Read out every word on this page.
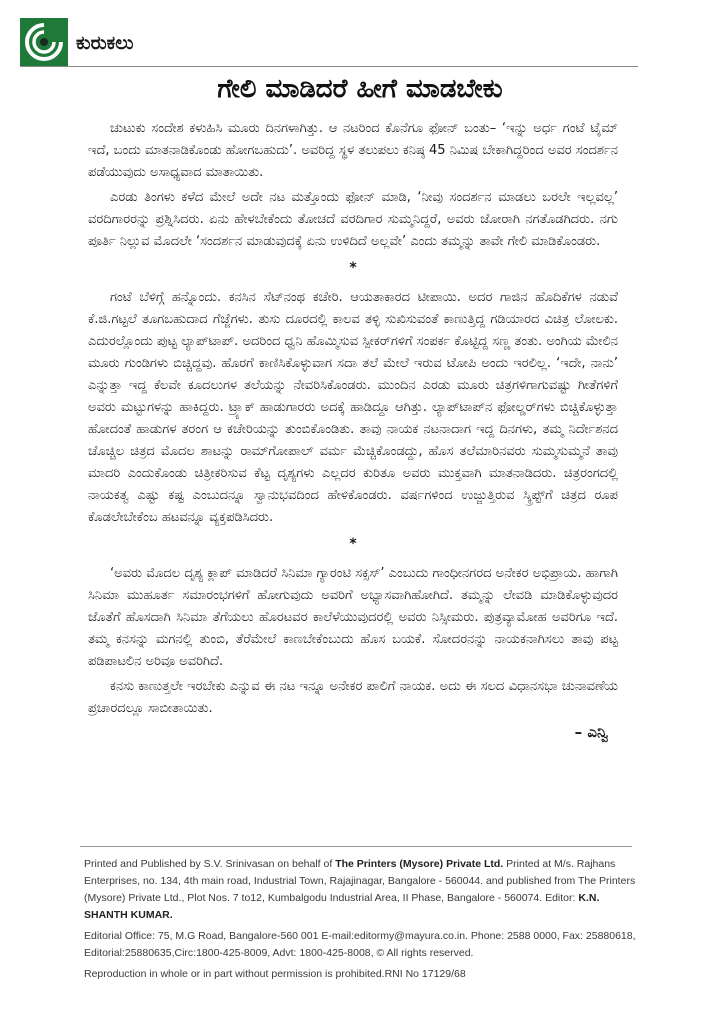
ಕುರುಕಲು
ಗೇಲಿ ಮಾಡಿದರೆ ಹೀಗೆ ಮಾಡಬೇಕು

ಚುಟುಕು ಸಂದೇಶ ಕಳುಹಿಸಿ ಮೂರು ದಿನಗಳಾಗಿತ್ತು. ಆ ನಟರಿಂದ ಕೊನೆಗೂ ಫೋನ್ ಬಂತು– ‘ಇನ್ನು ಅರ್ಧ ಗಂಟೆ ಟೈಮ್ ಇದೆ, ಬಂದು ಮಾತನಾಡಿಕೊಂಡು ಹೋಗಬಹುದು’. ಅವರಿದ್ದ ಸ್ಥಳ ತಲುಪಲು ಕನಿಷ್ಠ 45 ನಿಮಿಷ ಬೇಕಾಗಿದ್ದರಿಂದ ಅವರ ಸಂದರ್ಶನ ಪಡೆಯುವುದು ಅಸಾಧ್ಯವಾದ ಮಾತಾಯಿತು.

ಎರಡು ತಿಂಗಳು ಕಳೆದ ಮೇಲೆ ಅದೇ ನಟ ಮತ್ತೊಂದು ಫೋನ್ ಮಾಡಿ, ‘ನೀವು ಸಂದರ್ಶನ ಮಾಡಲು ಬರಲೇ ಇಲ್ಲವಲ್ಲ’ ವರದಿಗಾರರನ್ನು ಪ್ರಶ್ನಿಸಿದರು. ಏನು ಹೇಳಬೇಕೆಂದು ತೋಚದೆ ವರದಿಗಾರ ಸುಮ್ಮನಿದ್ದರೆ, ಅವರು ಜೋರಾಗಿ ನಗತೊಡಗಿದರು. ನಗು ಪೂರ್ತಿ ನಿಲ್ಲುವ ಮೊದಲೇ ‘ಸಂದರ್ಶನ ಮಾಡುವುದಕ್ಕೆ ಏನು ಉಳಿದಿದೆ ಅಲ್ಲವೇ’ ಎಂದು ತಮ್ಮನ್ನು ತಾವೇ ಗೇಲಿ ಮಾಡಿಕೊಂಡರು.

*

ಗಂಟೆ ಬೆಳಿಗ್ಗೆ ಹನ್ನೊಂದು. ಕನಸಿನ ಸೆಟ್‌ನಂಥ ಕಚೇರಿ. ಆಯತಾಕಾರದ ಟೀಪಾಯಿ. ಅದರ ಗಾಜಿನ ಹೊದಿಕೆಗಳ ನಡುವೆ ಕೆ.ಜಿ.ಗಟ್ಟಲೆ ತೂಗಬಹುದಾದ ಗೆಜ್ಜೆಗಳು. ತುಸು ದೂರದಲ್ಲಿ ಕಾಲವ ತಳ್ಳಿ ಸುಖಿಸುವಂತೆ ಕಾಣುತ್ತಿದ್ದ ಗಡಿಯಾರದ ವಿಚಿತ್ರ ಲೋಲಕು. ಎದುರಲ್ಲೊಂದು ಪುಟ್ಟ ಲ್ಯಾಪ್‌ಟಾಪ್. ಅದರಿಂದ ಧ್ವನಿ ಹೊಮ್ಮಿಸುವ ಸ್ಪೀಕರ್‌ಗಳಿಗೆ ಸಂಪರ್ಕ ಕೊಟ್ಟಿದ್ದ ಸಣ್ಣ ತಂತು. ಅಂಗಿಯ ಮೇಲಿನ ಮೂರು ಗುಂಡಿಗಳು ಬಿಚ್ಚಿದ್ದವು. ಹೊರಗೆ ಕಾಣಿಸಿಕೊಳ್ಳುವಾಗ ಸದಾ ತಲೆ ಮೇಲೆ ಇರುವ ಟೋಪಿ ಅಂದು ಇರಲಿಲ್ಲ. ‘ಇದೇ, ನಾನು’ ಎನ್ನುತ್ತಾ ಇದ್ದ ಕೆಲವೇ ಕೂದಲುಗಳ ತಲೆಯನ್ನು ನೇವರಿಸಿಕೊಂಡರು. ಮುಂದಿನ ಎರಡು ಮೂರು ಚಿತ್ರಗಳಿಗಾಗುವಷ್ಟು ಗೀತೆಗಳಿಗೆ ಅವರು ಮಟ್ಟುಗಳನ್ನು ಹಾಕಿದ್ದರು. ಟ್ರ್ಯಾಕ್ ಹಾಡುಗಾರರು ಅದಕ್ಕೆ ಹಾಡಿದ್ದೂ ಆಗಿತ್ತು. ಲ್ಯಾಪ್‌ಟಾಪ್‌ನ ಫೋಲ್ಡರ್‌ಗಳು ಬಿಚ್ಚಿಕೊಳ್ಳುತ್ತಾ ಹೋದಂತೆ ಹಾಡುಗಳ ತರಂಗ ಆ ಕಚೇರಿಯನ್ನು ತುಂಬಿಕೊಂಡಿತು. ತಾವು ನಾಯಕ ನಟನಾದಾಗ ಇದ್ದ ದಿನಗಳು, ತಮ್ಮ ನಿರ್ದೇಶನದ ಚೊಚ್ಚಿಲ ಚಿತ್ರದ ಮೊದಲ ಶಾಟನ್ನು ರಾಮ್‌ಗೋಪಾಲ್ ವರ್ಮ ಮೆಚ್ಚಿಕೊಂಡದ್ದು, ಹೊಸ ತಲೆಮಾರಿನವರು ಸುಮ್ಮಸುಮ್ಮನೆ ತಾವು ಮಾದರಿ ಎಂದುಕೊಂಡು ಚಿತ್ರೀಕರಿಸುವ ಕೆಟ್ಟ ದೃಶ್ಯಗಳು ಎಲ್ಲದರ ಕುರಿತೂ ಅವರು ಮುಕ್ತವಾಗಿ ಮಾತನಾಡಿದರು. ಚಿತ್ರರಂಗದಲ್ಲಿ ನಾಯಕತ್ವ ಎಷ್ಟು ಕಷ್ಟ ಎಂಬುದನ್ನೂ ಸ್ವಾನುಭವದಿಂದ ಹೇಳಿಕೊಂಡರು. ವರ್ಷಗಳಿಂದ ಉಜ್ಜುತ್ತಿರುವ ಸ್ಕ್ರಿಪ್ಟ್‌ಗೆ ಚಿತ್ರದ ರೂಪ ಕೊಡಲೇಬೇಕೆಂಬ ಹಟವನ್ನೂ ವ್ಯಕ್ತಪಡಿಸಿದರು.

*

‘ಅವರು ಮೊದಲ ದೃಶ್ಯ ಕ್ಲಾಪ್ ಮಾಡಿದರೆ ಸಿನಿಮಾ ಗ್ಯಾರಂಟಿ ಸಕ್ಸಸ್’ ಎಂಬುದು ಗಾಂಧೀನಗರದ ಅನೇಕರ ಅಭಿಪ್ರಾಯ. ಹಾಗಾಗಿ ಸಿನಿಮಾ ಮುಹೂರ್ತ ಸಮಾರಂಭಗಳಿಗೆ ಹೋಗುವುದು ಅವರಿಗೆ ಅಭ್ಯಾಸವಾಗಿಹೋಗಿದೆ. ತಮ್ಮನ್ನು ಲೇವಡಿ ಮಾಡಿಕೊಳ್ಳುವುದರ ಜೊತೆಗೆ ಹೊಸದಾಗಿ ಸಿನಿಮಾ ತೆಗೆಯಲು ಹೊರಟವರ ಕಾಲೆಳೆಯುವುದರಲ್ಲಿ ಅವರು ನಿಸ್ಸೀಮರು. ಪುತ್ರವ್ಯಾಮೋಹ ಅವರಿಗೂ ಇದೆ. ತಮ್ಮ ಕನಸನ್ನು ಮಗನಲ್ಲಿ ತುಂಬಿ, ತೆರೆಮೇಲೆ ಕಾಣಬೇಕೆಂಬುದು ಹೊಸ ಬಯಕೆ. ಸೋದರನನ್ನು ನಾಯಕನಾಗಿಸಲು ತಾವು ಪಟ್ಟ ಪಡಿಪಾಟಲಿನ ಅರಿವೂ ಅವರಿಗಿದೆ.

ಕನಸು ಕಾಣುತ್ತಲೇ ಇರಬೇಕು ಎನ್ನುವ ಈ ನಟ ಇನ್ನೂ ಅನೇಕರ ಪಾಲಿಗೆ ನಾಯಕ. ಅದು ಈ ಸಲದ ವಿಧಾನಸಭಾ ಚುನಾವಣೆಯ ಪ್ರಚಾರದಲ್ಲೂ ಸಾಬೀತಾಯಿತು.

– ಎನ್ವಿ

Printed and Published by S.V. Srinivasan on behalf of The Printers (Mysore) Private Ltd. Printed at M/s. Rajhans Enterprises, no. 134, 4th main road, Industrial Town, Rajajinagar, Bangalore - 560044. and published from The Printers (Mysore) Private Ltd., Plot Nos. 7 to12, Kumbalgodu Industrial Area, II Phase, Bangalore - 560074. Editor: K.N. SHANTH KUMAR.

Editorial Office: 75, M.G Road, Bangalore-560 001 E-mail:editormy@mayura.co.in. Phone: 2588 0000, Fax: 25880618, Editorial:25880635,Circ:1800-425-8009, Advt: 1800-425-8008, © All rights reserved.

Reproduction in whole or in part without permission is prohibited.RNI No 17129/68
